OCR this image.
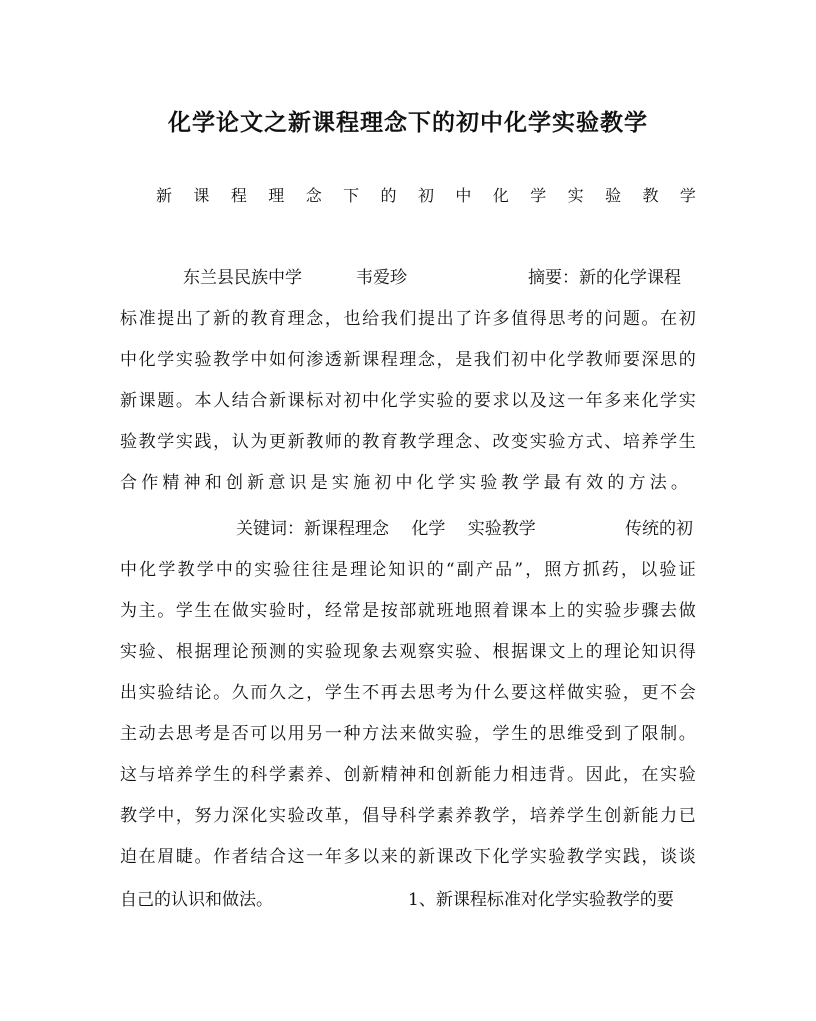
化学论文之新课程理念下的初中化学实验教学
新 课 程 理 念 下 的 初 中 化 学 实 验 教 学
东兰县民族中学	韦爱珍	摘要：新的化学课程
标 准 提 出 了 新 的 教 育 理 念 ， 也 给 我 们 提 出 了 许 多 值 得 思 考 的 问 题 。 在 初
中 化 学 实 验 教 学 中 如 何 渗 透 新 课 程 理 念 ， 是 我 们 初 中 化 学 教 师 要 深 思 的
新 课 题 。 本 人 结 合 新 课 标 对 初 中 化 学 实 验 的 要 求 以 及 这 一 年 多 来 化 学 实
验 教 学 实 践 ， 认 为 更 新 教 师 的 教 育 教 学 理 念 、 改 变 实 验 方 式 、 培 养 学 生
合 作 精 神 和 创 新 意 识 是 实 施 初 中 化 学 实 验 教 学 最 有 效 的 方 法 。
关键词：新课程理念　 化学　 实验教学	传统的初
中 化 学 教 学 中 的 实 验 往 往 是 理 论 知 识 的 “ 副 产 品 ” ， 照 方 抓 药 ， 以 验 证
为 主 。 学 生 在 做 实 验 时 ， 经 常 是 按 部 就 班 地 照 着 课 本 上 的 实 验 步 骤 去 做
实 验 、 根 据 理 论 预 测 的 实 验 现 象 去 观 察 实 验 、 根 据 课 文 上 的 理 论 知 识 得
出 实 验 结 论 。 久 而 久 之 ， 学 生 不 再 去 思 考 为 什 么 要 这 样 做 实 验 ， 更 不 会
主 动 去 思 考 是 否 可 以 用 另 一 种 方 法 来 做 实 验 ， 学 生 的 思 维 受 到 了 限 制 。
这 与 培 养 学 生 的 科 学 素 养 、 创 新 精 神 和 创 新 能 力 相 违 背 。 因 此 ， 在 实 验
教 学 中 ， 努 力 深 化 实 验 改 革 ， 倡 导 科 学 素 养 教 学 ， 培 养 学 生 创 新 能 力 已
迫 在 眉 睫 。 作 者 结 合 这 一 年 多 以 来 的 新 课 改 下 化 学 实 验 教 学 实 践 ， 谈 谈
自己的认识和做法。	1、新课程标准对化学实验教学的要
